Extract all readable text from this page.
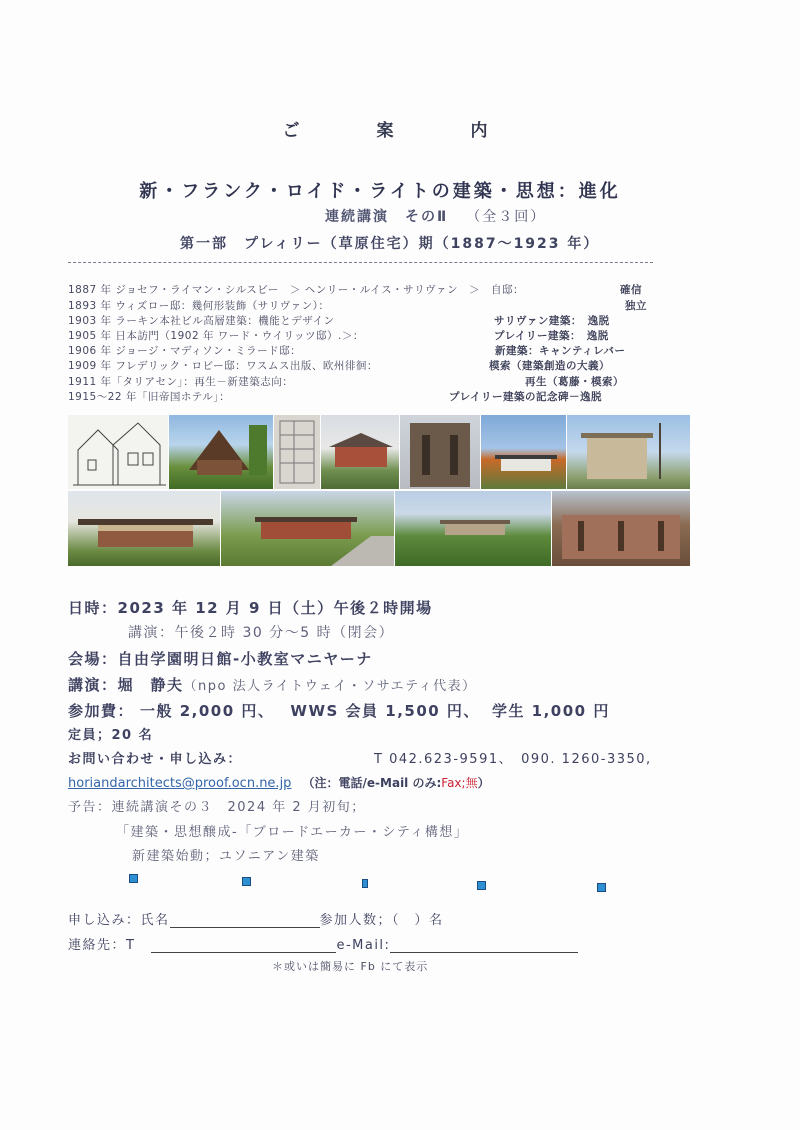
ご　案　内
新・フランク・ロイド・ライトの建築・思想：進化
連続講演　そのⅡ （全３回）
第一部　プレィリー（草原住宅）期（1887～1923 年）
1887 年 ジョセフ・ライマン・シルスビー　＞ ヘンリー・ルイス・サリヴァン　＞　自邸：	確信
1893 年 ウィズロー邸：幾何形装飾（サリヴァン）：	独立
1903 年 ラーキン本社ビル高層建築：機能とデザイン	サリヴァン建築：　逸脱
1905 年 日本訪門（1902 年 ワード・ウイリッツ邸）.＞：	プレイリー建築：　逸脱
1906 年 ジョージ・マディソン・ミラード邸：	新建築：キャンティレバー
1909 年 フレデリック・ロビー邸：ワスムス出版、欧州徘徊：	模索（建築創造の大義）
1911 年「タリアセン」：再生－新建築志向：	再生（葛藤・模索）
1915～22 年「旧帝国ホテル」：	プレイリー建築の記念碑－逸脱
日時：2023 年 12 月 9 日（土）午後２時開場
講演：午後２時 30 分～5 時（閉会）
会場：自由学園明日館-小教室マニヤーナ
講演：堀　静夫（npo 法人ライトウェイ・ソサエティ代表）
参加費： 一般 2,000 円、 WWS 会員 1,500 円、 学生 1,000 円
定員；20 名
お問い合わせ・申し込み：	T 042.623-9591、　090. 1260-3350,
horiandarchitects@proof.ocn.ne.jp （注：電話/e-Mail のみ:Fax;無）
予告：連続講演その３　2024 年 2 月初旬；
「建築・思想醸成-「ブロードエーカー・シティ構想」
新建築始動；ユソニアン建築
申し込み：氏名	参加人数；（　）名
連絡先：T	e-Mail:
＊或いは簡易に Fb にて表示
